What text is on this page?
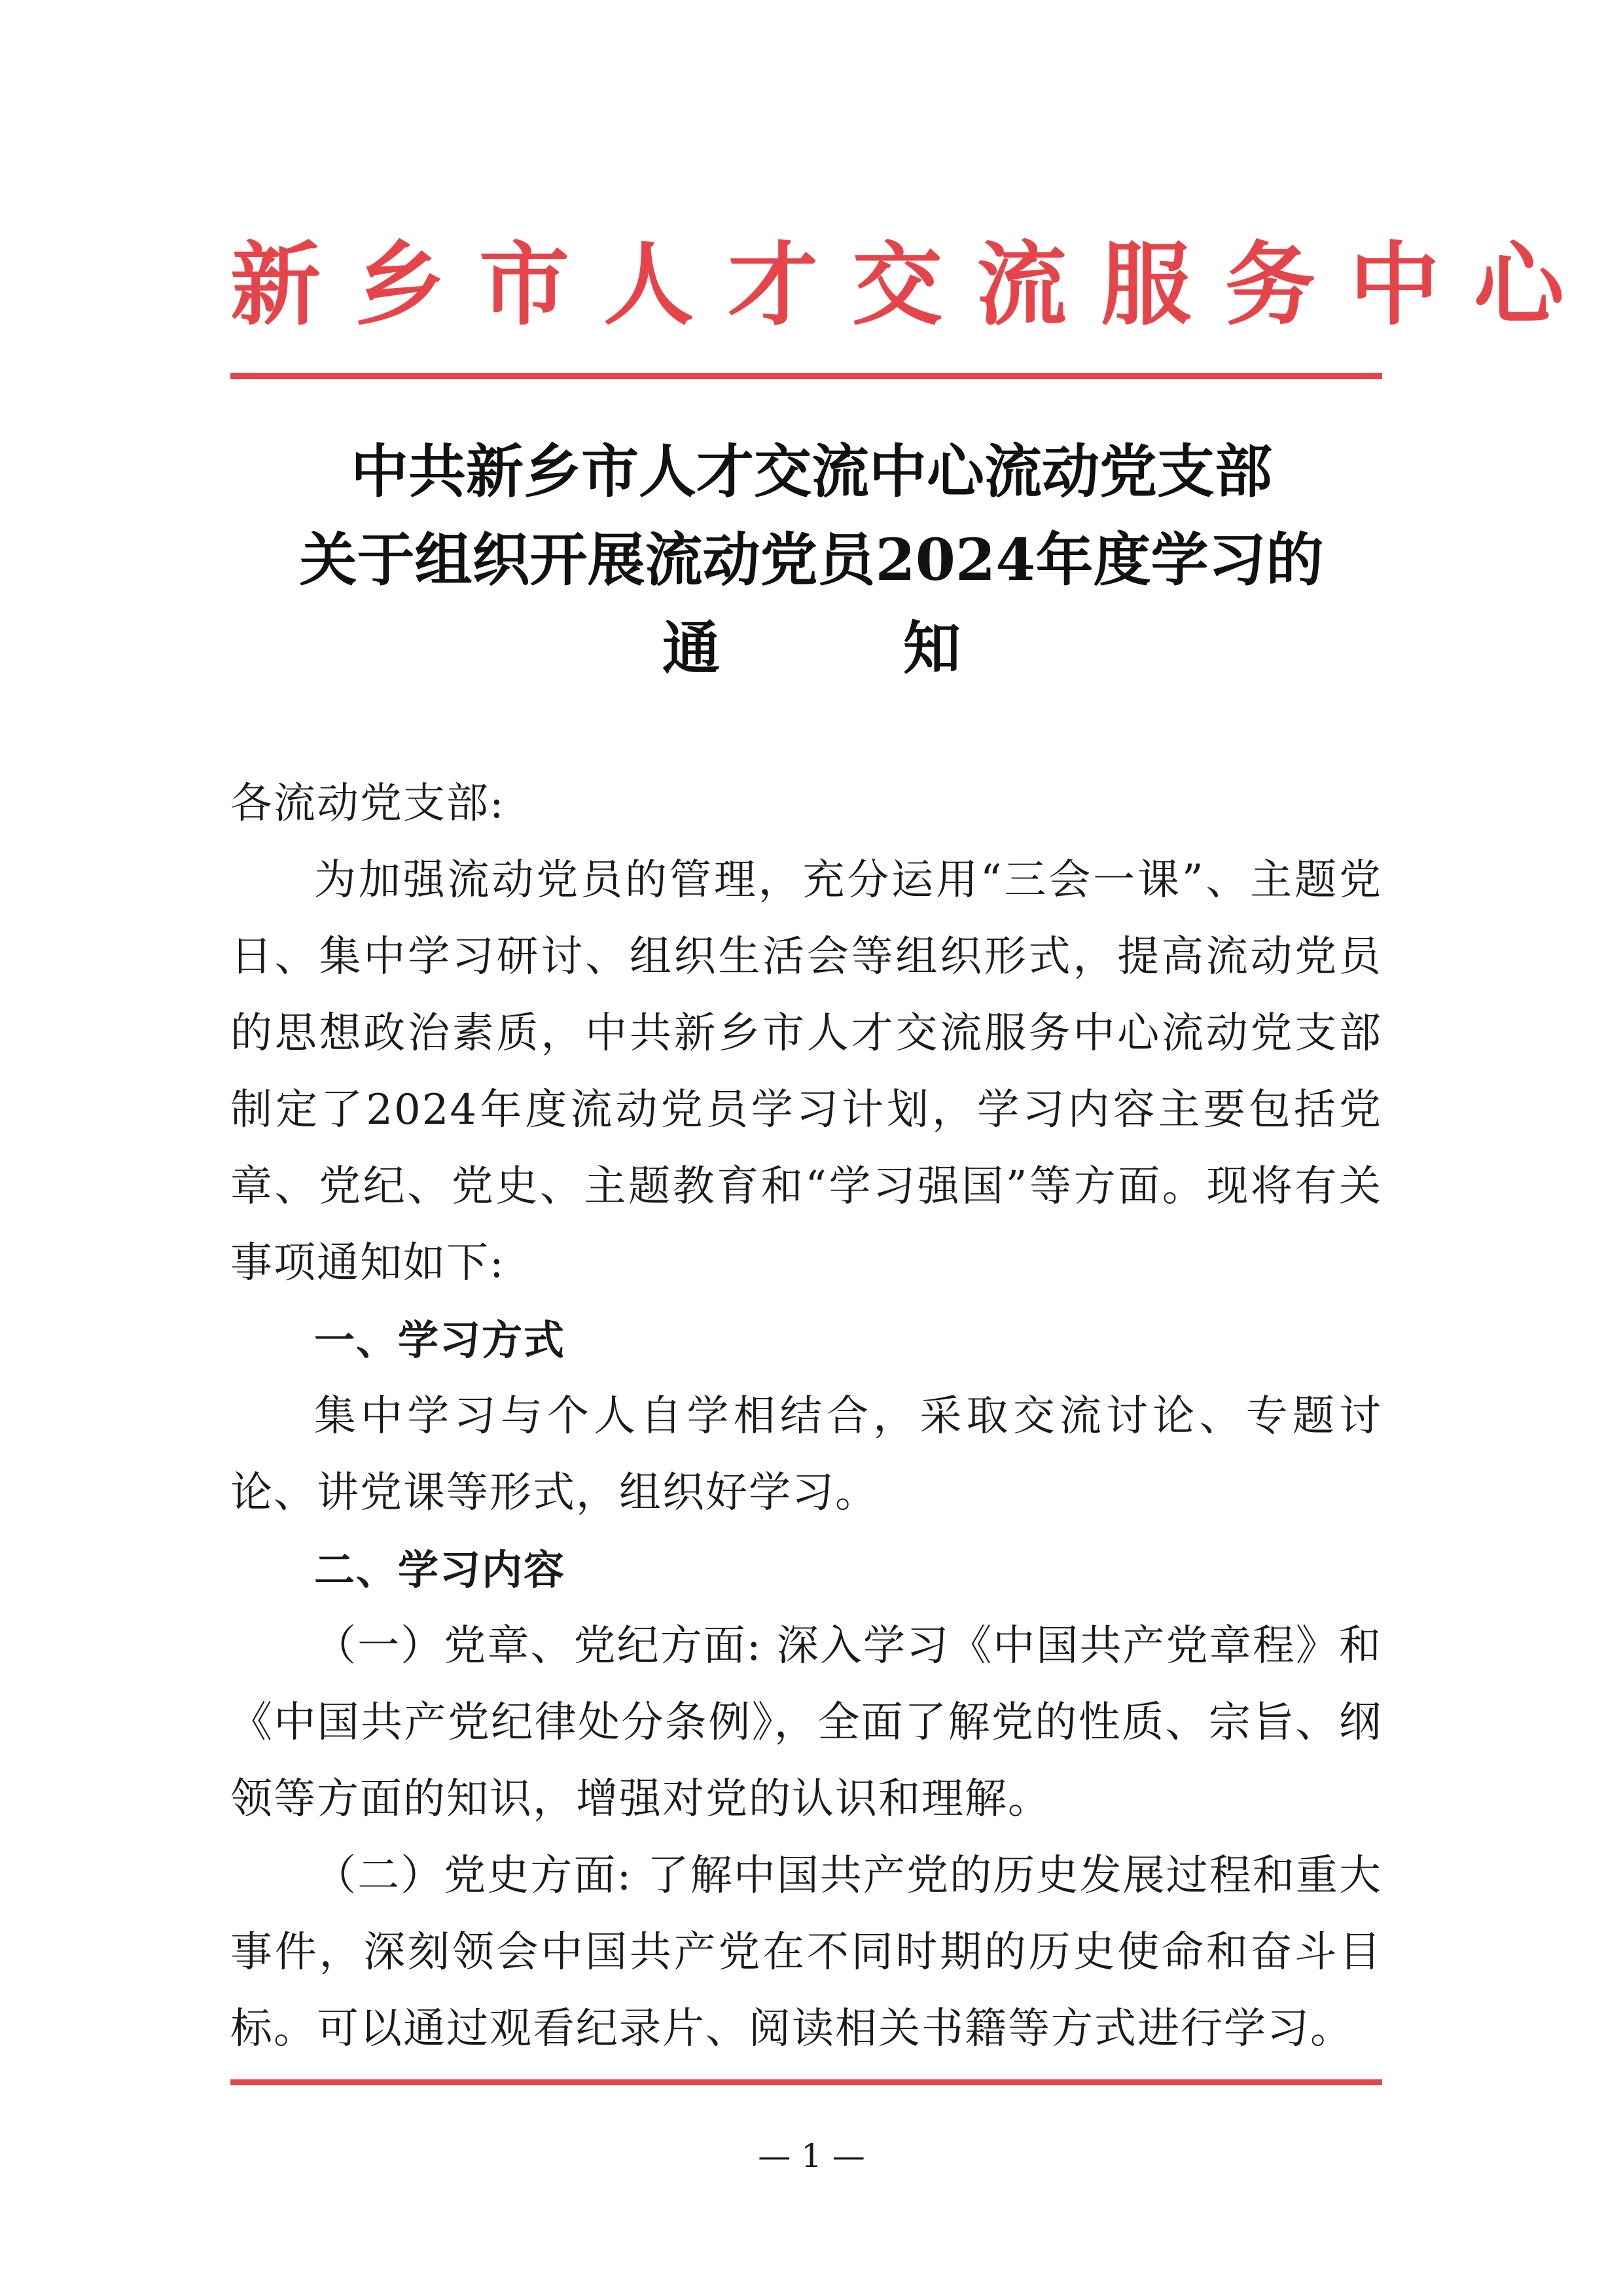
新乡市人才交流服务中心
中共新乡市人才交流中心流动党支部
关于组织开展流动党员2024年度学习的
通	知

各流动党支部:

为加强流动党员的管理，充分运用“三会一课”、主题党日、集中学习研讨、组织生活会等组织形式，提高流动党员的思想政治素质，中共新乡市人才交流服务中心流动党支部制定了2024年度流动党员学习计划，学习内容主要包括党章、党纪、党史、主题教育和“学习强国”等方面。现将有关事项通知如下:

一、学习方式

集中学习与个人自学相结合，采取交流讨论、专题讨论、讲党课等形式，组织好学习。

二、学习内容

（一）党章、党纪方面: 深入学习《中国共产党章程》和《中国共产党纪律处分条例》，全面了解党的性质、宗旨、纲领等方面的知识，增强对党的认识和理解。

（二）党史方面: 了解中国共产党的历史发展过程和重大事件，深刻领会中国共产党在不同时期的历史使命和奋斗目标。可以通过观看纪录片、阅读相关书籍等方式进行学习。

— 1 —
